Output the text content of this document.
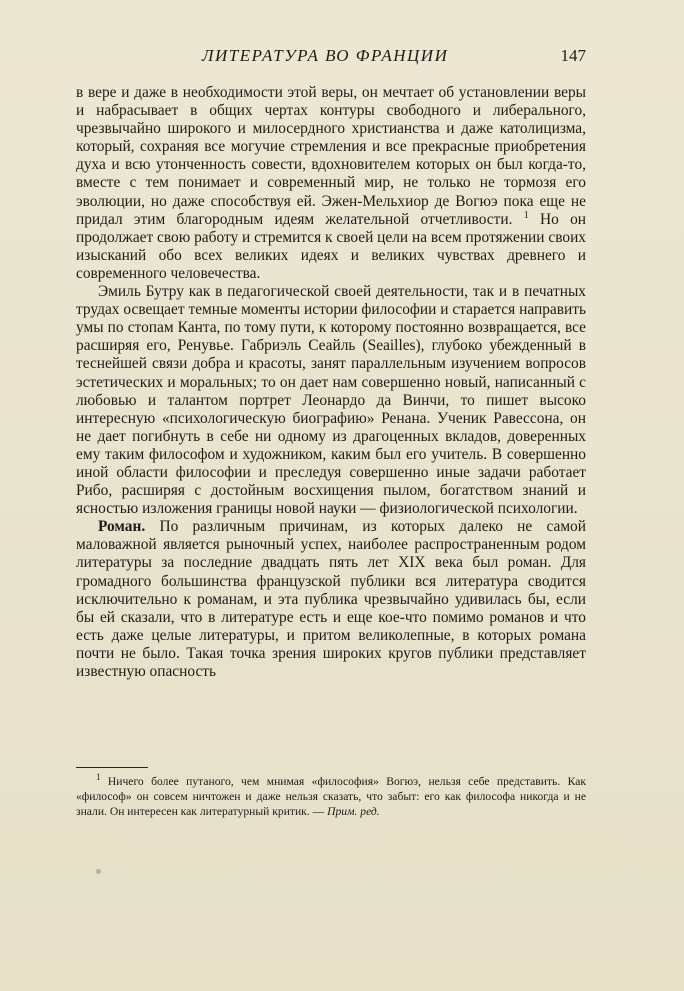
ЛИТЕРАТУРА ВО ФРАНЦИИ	147

в вере и даже в необходимости этой веры, он мечтает об установлении веры и набрасывает в общих чертах контуры свободного и либерального, чрезвычайно широкого и милосердного христианства и даже католицизма, который, сохраняя все могучие стремления и все прекрасные приобретения духа и всю утонченность совести, вдохновителем которых он был когда-то, вместе с тем понимает и современный мир, не только не тормозя его эволюции, но даже способствуя ей. Эжен-Мельхиор де Вогюэ пока еще не придал этим благородным идеям желательной отчетливости. $^1$ Но он продолжает свою работу и стремится к своей цели на всем протяжении своих изысканий обо всех великих идеях и великих чувствах древнего и современного человечества.

Эмиль Бутру как в педагогической своей деятельности, так и в печатных трудах освещает темные моменты истории философии и старается направить умы по стопам Канта, по тому пути, к которому постоянно возвращается, все расширяя его, Ренувье. Габриэль Сеайль (Seailles), глубоко убежденный в теснейшей связи добра и красоты, занят параллельным изучением вопросов эстетических и моральных; то он дает нам совершенно новый, написанный с любовью и талантом портрет Леонардо да Винчи, то пишет высоко интересную «психологическую биографию» Ренана. Ученик Равессона, он не дает погибнуть в себе ни одному из драгоценных вкладов, доверенных ему таким философом и художником, каким был его учитель. В совершенно иной области философии и преследуя совершенно иные задачи работает Рибо, расширяя с достойным восхищения пылом, богатством знаний и ясностью изложения границы новой науки — физиологической психологии.

Роман. По различным причинам, из которых далеко не самой маловажной является рыночный успех, наиболее распространенным родом литературы за последние двадцать пять лет XIX века был роман. Для громадного большинства французской публики вся литература сводится исключительно к романам, и эта публика чрезвычайно удивилась бы, если бы ей сказали, что в литературе есть и еще кое-что помимо романов и что есть даже целые литературы, и притом великолепные, в которых романа почти не было. Такая точка зрения широких кругов публики представляет известную опасность

$^1$ Ничего более путаного, чем мнимая «философия» Вогюэ, нельзя себе представить. Как «философ» он совсем ничтожен и даже нельзя сказать, что забыт: его как философа никогда и не знали. Он интересен как литературный критик. — Прим. ред.
